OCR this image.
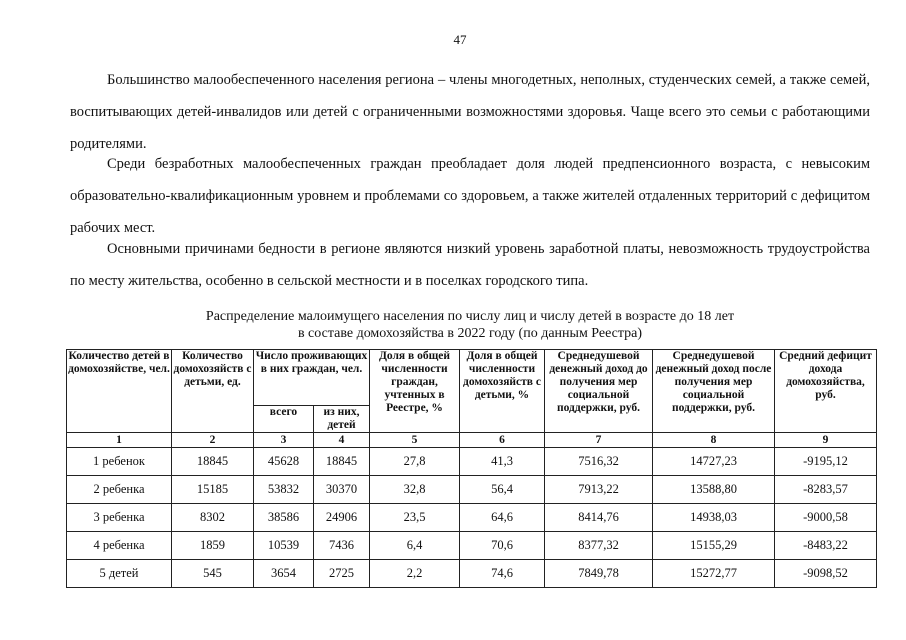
47

Большинство малообеспеченного населения региона – члены многодетных, неполных, студенческих семей, а также семей, воспитывающих детей-инвалидов или детей с ограниченными возможностями здоровья. Чаще всего это семьи с работающими родителями.

Среди безработных малообеспеченных граждан преобладает доля людей предпенсионного возраста, с невысоким образовательно-квалификационным уровнем и проблемами со здоровьем, а также жителей отдаленных территорий с дефицитом рабочих мест.

Основными причинами бедности в регионе являются низкий уровень заработной платы, невозможность трудоустройства по месту жительства, особенно в сельской местности и в поселках городского типа.

Распределение малоимущего населения по числу лиц и числу детей в возрасте до 18 лет
в составе домохозяйства в 2022 году (по данным Реестра)
Количество детей в домохозяйстве, чел.	Количество домохозяйств с детьми, ед.	Число проживающих в них граждан, чел.		Доля в общей численности граждан, учтенных в Реестре, %	Доля в общей численности домохозяйств с детьми, %	Среднедушевой денежный доход до получения мер социальной поддержки, руб.	Среднедушевой денежный доход после получения мер социальной поддержки, руб.	Средний дефицит дохода домохозяйства, руб.
		всего	из них, детей					
1	2	3	4	5	6	7	8	9
1 ребенок	18845	45628	18845	27,8	41,3	7516,32	14727,23	-9195,12
2 ребенка	15185	53832	30370	32,8	56,4	7913,22	13588,80	-8283,57
3 ребенка	8302	38586	24906	23,5	64,6	8414,76	14938,03	-9000,58
4 ребенка	1859	10539	7436	6,4	70,6	8377,32	15155,29	-8483,22
5 детей	545	3654	2725	2,2	74,6	7849,78	15272,77	-9098,52
